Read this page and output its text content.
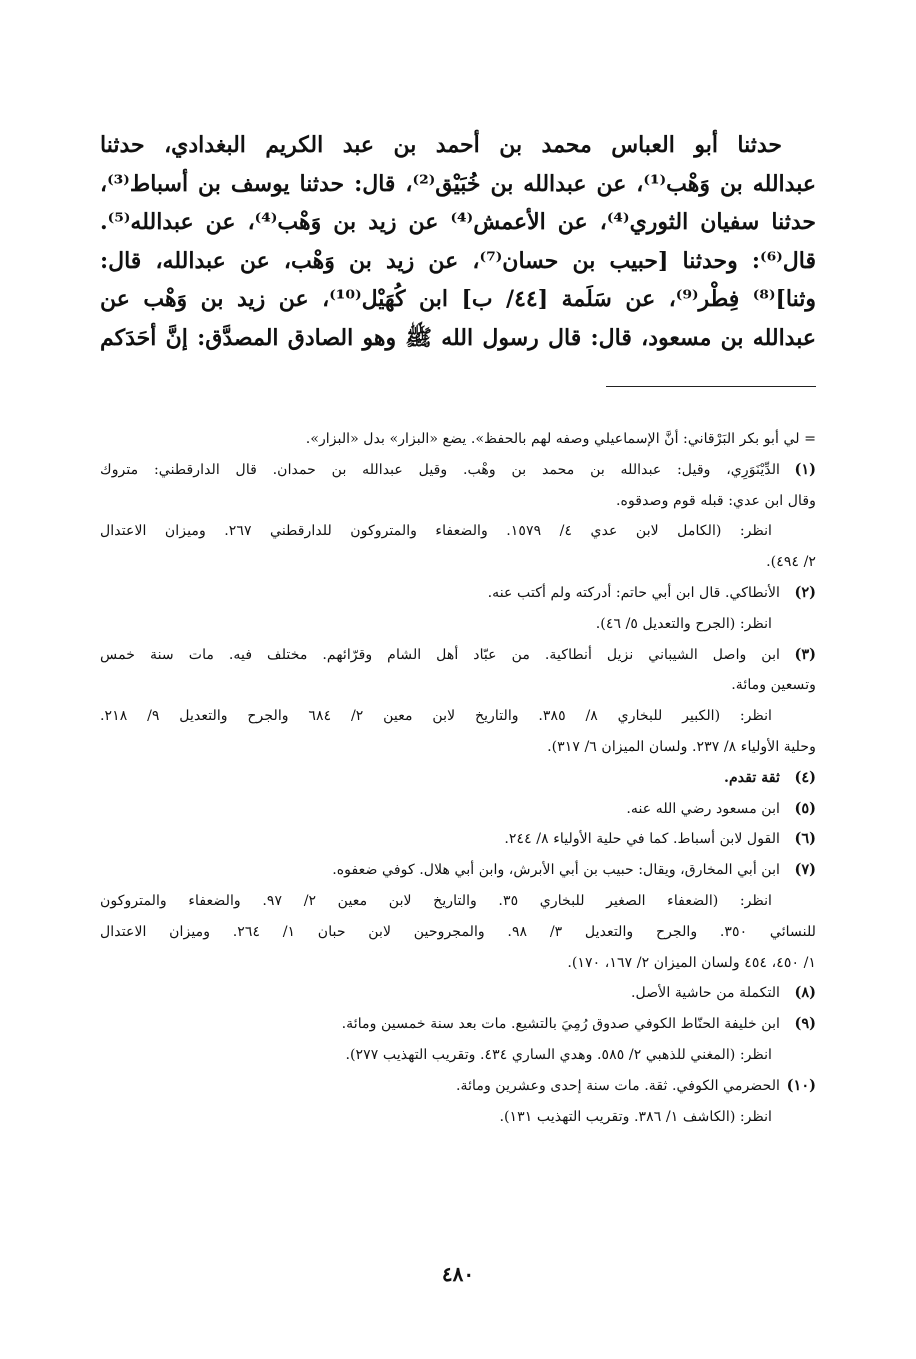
حدثنا أبو العباس محمد بن أحمد بن عبد الكريم البغدادي، حدثنا
عبدالله بن وَهْب⁽¹⁾، عن عبدالله بن خُبَيْق⁽²⁾، قال: حدثنا يوسف بن أسباط⁽³⁾،
حدثنا سفيان الثوري⁽⁴⁾، عن الأعمش⁽⁴⁾ عن زيد بن وَهْب⁽⁴⁾، عن عبدالله⁽⁵⁾.
قال⁽⁶⁾: وحدثنا [حبيب بن حسان⁽⁷⁾، عن زيد بن وَهْب، عن عبدالله، قال:
وثنا]⁽⁸⁾ فِطْر⁽⁹⁾، عن سَلَمة [٤٤/ ب] ابن كُهَيْل⁽¹⁰⁾، عن زيد بن وَهْب عن
عبدالله بن مسعود، قال: قال رسول الله ﷺ وهو الصادق المصدَّق: إنَّ أحَدَكم
= لي أبو بكر البَرْقاني: أنَّ الإسماعيلي وصفه لهم بالحفظ». يضع «البزار» بدل «البزار».
(١)الدِّيْنَوَرِي، وقيل: عبدالله بن محمد بن وهْب. وقيل عبدالله بن حمدان. قال الدارقطني: متروك
وقال ابن عدي: قبله قوم وصدقوه.
انظر: (الكامل لابن عدي ٤/ ١٥٧٩. والضعفاء والمتروكون للدارقطني ٢٦٧. وميزان الاعتدال
٢/ ٤٩٤).
(٢)الأنطاكي. قال ابن أبي حاتم: أدركته ولم أكتب عنه.
انظر: (الجرح والتعديل ٥/ ٤٦).
(٣)ابن واصل الشيباني نزيل أنطاكية. من عبّاد أهل الشام وقرّائهم. مختلف فيه. مات سنة خمس
وتسعين ومائة.
انظر: (الكبير للبخاري ٨/ ٣٨٥. والتاريخ لابن معين ٢/ ٦٨٤ والجرح والتعديل ٩/ ٢١٨.
وحلية الأولياء ٨/ ٢٣٧. ولسان الميزان ٦/ ٣١٧).
(٤)ثقة تقدم.
(٥)ابن مسعود رضي الله عنه.
(٦)القول لابن أسباط. كما في حلية الأولياء ٨/ ٢٤٤.
(٧)ابن أبي المخارق، ويقال: حبيب بن أبي الأبرش، وابن أبي هلال. كوفي ضعفوه.
انظر: (الضعفاء الصغير للبخاري ٣٥. والتاريخ لابن معين ٢/ ٩٧. والضعفاء والمتروكون
للنسائي ٣٥٠. والجرح والتعديل ٣/ ٩٨. والمجروحين لابن حبان ١/ ٢٦٤. وميزان الاعتدال
١/ ٤٥٠، ٤٥٤ ولسان الميزان ٢/ ١٦٧، ١٧٠).
(٨)التكملة من حاشية الأصل.
(٩)ابن خليفة الحنّاط الكوفي صدوق رُمِيَ بالتشيع. مات بعد سنة خمسين ومائة.
انظر: (المغني للذهبي ٢/ ٥٨٥. وهدي الساري ٤٣٤. وتقريب التهذيب ٢٧٧).
(١٠)الحضرمي الكوفي. ثقة. مات سنة إحدى وعشرين ومائة.
انظر: (الكاشف ١/ ٣٨٦. وتقريب التهذيب ١٣١).
٤٨٠
